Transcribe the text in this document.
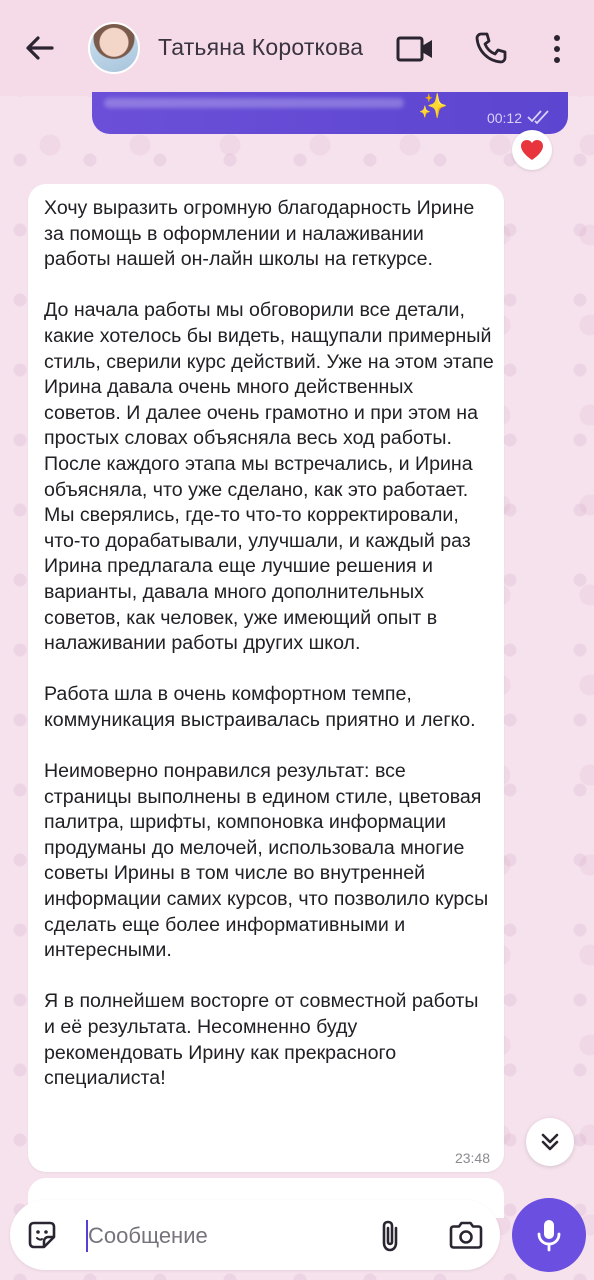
Татьяна Короткова
✨	00:12
Хочу выразить огромную благодарность Ирине за помощь в оформлении и налаживании работы нашей он-лайн школы на геткурсе.

До начала работы мы обговорили все детали, какие хотелось бы видеть, нащупали примерный стиль, сверили курс действий. Уже на этом этапе Ирина давала очень много действенных советов. И далее очень грамотно и при этом на простых словах объясняла весь ход работы. После каждого этапа мы встречались, и Ирина объясняла, что уже сделано, как это работает. Мы сверялись, где-то что-то корректировали, что-то дорабатывали, улучшали, и каждый раз Ирина предлагала еще лучшие решения и варианты, давала много дополнительных советов, как человек, уже имеющий опыт в налаживании работы других школ.

Работа шла в очень комфортном темпе, коммуникация выстраивалась приятно и легко.

Неимоверно понравился результат: все страницы выполнены в едином стиле, цветовая палитра, шрифты, компоновка информации продуманы до мелочей, использовала многие советы Ирины в том числе во внутренней информации самих курсов, что позволило курсы сделать еще более информативными и интересными.

Я в полнейшем восторге от совместной работы и её результата. Несомненно буду рекомендовать Ирину как прекрасного специалиста!
23:48
Сообщение
